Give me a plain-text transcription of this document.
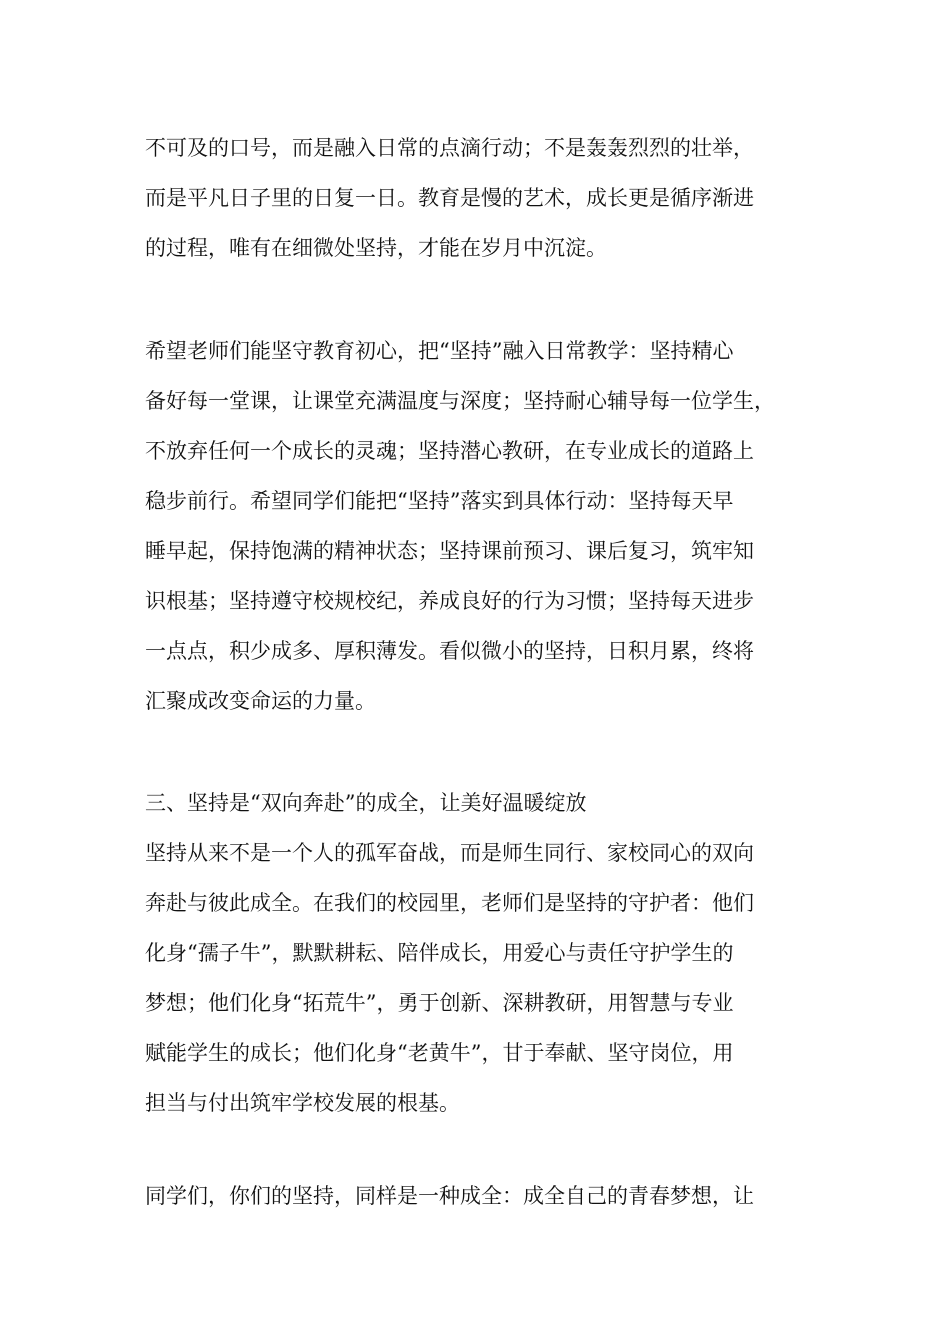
不可及的口号，而是融入日常的点滴行动；不是轰轰烈烈的壮举，
而是平凡日子里的日复一日。教育是慢的艺术，成长更是循序渐进
的过程，唯有在细微处坚持，才能在岁月中沉淀。
希望老师们能坚守教育初心，把“坚持”融入日常教学：坚持精心
备好每一堂课，让课堂充满温度与深度；坚持耐心辅导每一位学生，
不放弃任何一个成长的灵魂；坚持潜心教研，在专业成长的道路上
稳步前行。希望同学们能把“坚持”落实到具体行动：坚持每天早
睡早起，保持饱满的精神状态；坚持课前预习、课后复习，筑牢知
识根基；坚持遵守校规校纪，养成良好的行为习惯；坚持每天进步
一点点，积少成多、厚积薄发。看似微小的坚持，日积月累，终将
汇聚成改变命运的力量。
三、坚持是“双向奔赴”的成全，让美好温暖绽放
坚持从来不是一个人的孤军奋战，而是师生同行、家校同心的双向
奔赴与彼此成全。在我们的校园里，老师们是坚持的守护者：他们
化身“孺子牛”，默默耕耘、陪伴成长，用爱心与责任守护学生的
梦想；他们化身“拓荒牛”，勇于创新、深耕教研，用智慧与专业
赋能学生的成长；他们化身“老黄牛”，甘于奉献、坚守岗位，用
担当与付出筑牢学校发展的根基。
同学们，你们的坚持，同样是一种成全：成全自己的青春梦想，让
